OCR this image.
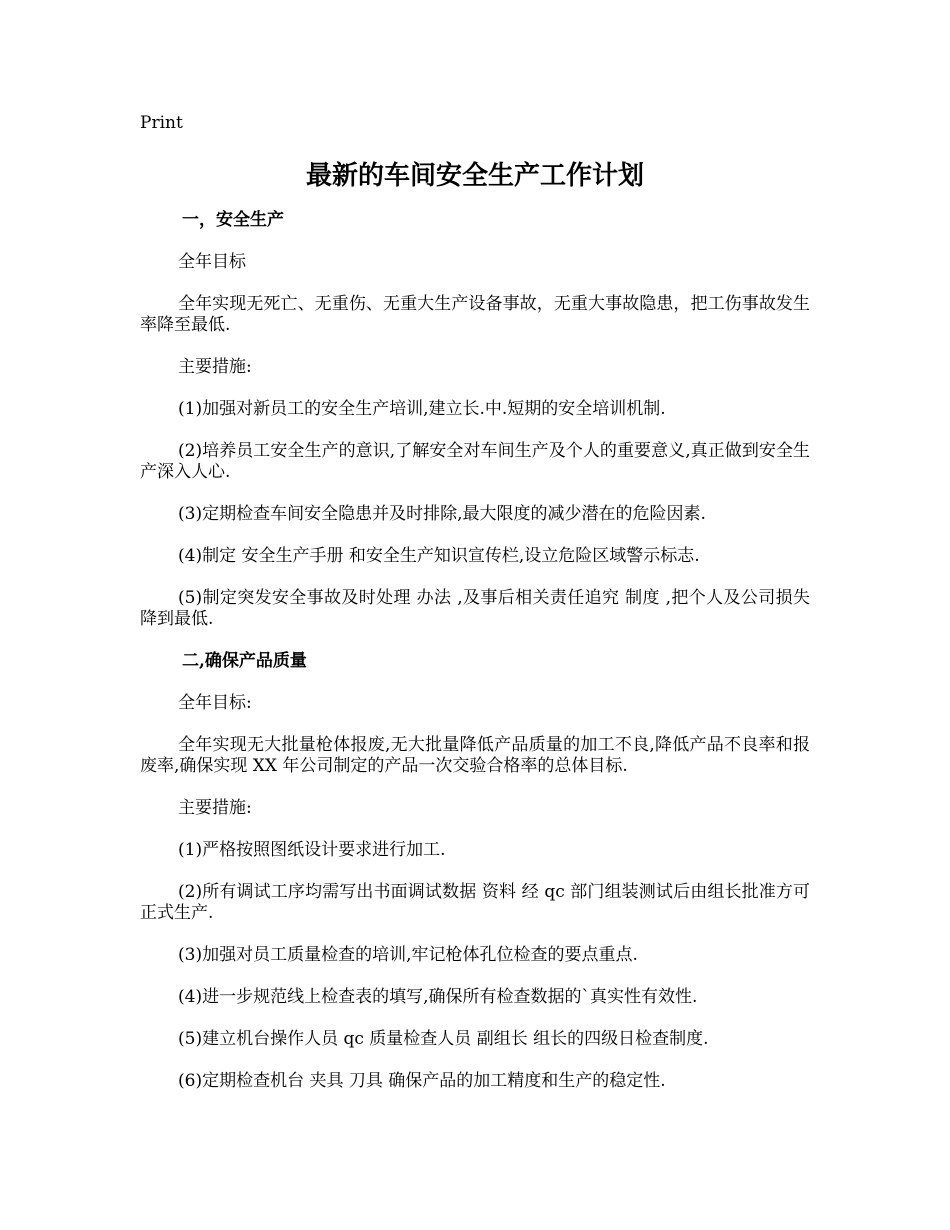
Print
最新的车间安全生产工作计划

一，安全生产

全年目标

全年实现无死亡、无重伤、无重大生产设备事故，无重大事故隐患，把工伤事故发生率降至最低.

主要措施:

(1)加强对新员工的安全生产培训,建立长.中.短期的安全培训机制.

(2)培养员工安全生产的意识,了解安全对车间生产及个人的重要意义,真正做到安全生产深入人心.

(3)定期检查车间安全隐患并及时排除,最大限度的减少潜在的危险因素.

(4)制定 安全生产手册 和安全生产知识宣传栏,设立危险区域警示标志.

(5)制定突发安全事故及时处理 办法 ,及事后相关责任追究 制度 ,把个人及公司损失降到最低.

二,确保产品质量

全年目标:

全年实现无大批量枪体报废,无大批量降低产品质量的加工不良,降低产品不良率和报废率,确保实现 XX 年公司制定的产品一次交验合格率的总体目标.

主要措施:

(1)严格按照图纸设计要求进行加工.

(2)所有调试工序均需写出书面调试数据 资料 经 qc 部门组装测试后由组长批准方可正式生产.

(3)加强对员工质量检查的培训,牢记枪体孔位检查的要点重点.

(4)进一步规范线上检查表的填写,确保所有检查数据的`真实性有效性.

(5)建立机台操作人员 qc 质量检查人员 副组长 组长的四级日检查制度.

(6)定期检查机台 夹具 刀具 确保产品的加工精度和生产的稳定性.
